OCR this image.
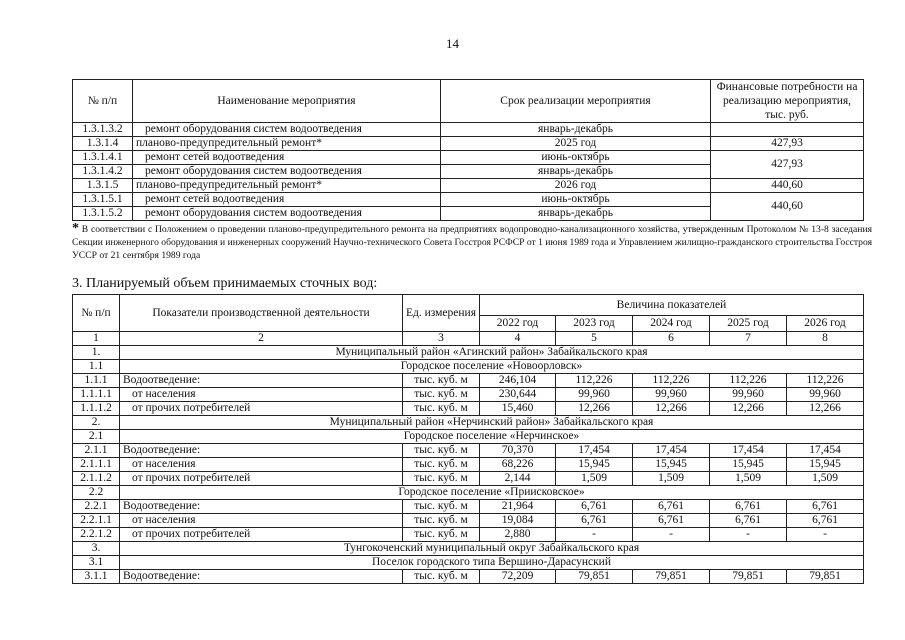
14
№ п/п	Наименование мероприятия	Срок реализации мероприятия	Финансовые потребности на реализацию мероприятия, тыс. руб.
1.3.1.3.2	ремонт оборудования систем водоотведения	январь-декабрь	
1.3.1.4	планово-предупредительный ремонт*	2025 год	427,93
1.3.1.4.1	ремонт сетей водоотведения	июнь-октябрь	427,93
1.3.1.4.2	ремонт оборудования систем водоотведения	январь-декабрь	
1.3.1.5	планово-предупредительный ремонт*	2026 год	440,60
1.3.1.5.1	ремонт сетей водоотведения	июнь-октябрь	440,60
1.3.1.5.2	ремонт оборудования систем водоотведения	январь-декабрь	
* В соответствии с Положением о проведении планово-предупредительного ремонта на предприятиях водопроводно-канализационного хозяйства, утвержденным Протоколом № 13-8 заседания Секции инженерного оборудования и инженерных сооружений Научно-технического Совета Госстроя РСФСР от 1 июня 1989 года и Управлением жилищно-гражданского строительства Госстроя УССР от 21 сентября 1989 года
3. Планируемый объем принимаемых сточных вод:
№ п/п	Показатели производственной деятельности	Ед. измерения	Величина показателей				
			2022 год	2023 год	2024 год	2025 год	2026 год
1	2	3	4	5	6	7	8
1.	Муниципальный район «Агинский район» Забайкальского края						
1.1	Городское поселение «Новоорловск»						
1.1.1	Водоотведение:	тыс. куб. м	246,104	112,226	112,226	112,226	112,226
1.1.1.1	от населения	тыс. куб. м	230,644	99,960	99,960	99,960	99,960
1.1.1.2	от прочих потребителей	тыс. куб. м	15,460	12,266	12,266	12,266	12,266
2.	Муниципальный район «Нерчинский район» Забайкальского края						
2.1	Городское поселение «Нерчинское»						
2.1.1	Водоотведение:	тыс. куб. м	70,370	17,454	17,454	17,454	17,454
2.1.1.1	от населения	тыс. куб. м	68,226	15,945	15,945	15,945	15,945
2.1.1.2	от прочих потребителей	тыс. куб. м	2,144	1,509	1,509	1,509	1,509
2.2	Городское поселение «Приисковское»						
2.2.1	Водоотведение:	тыс. куб. м	21,964	6,761	6,761	6,761	6,761
2.2.1.1	от населения	тыс. куб. м	19,084	6,761	6,761	6,761	6,761
2.2.1.2	от прочих потребителей	тыс. куб. м	2,880	-	-	-	-
3.	Тунгокоченский муниципальный округ Забайкальского края						
3.1	Поселок городского типа Вершино-Дарасунский						
3.1.1	Водоотведение:	тыс. куб. м	72,209	79,851	79,851	79,851	79,851
